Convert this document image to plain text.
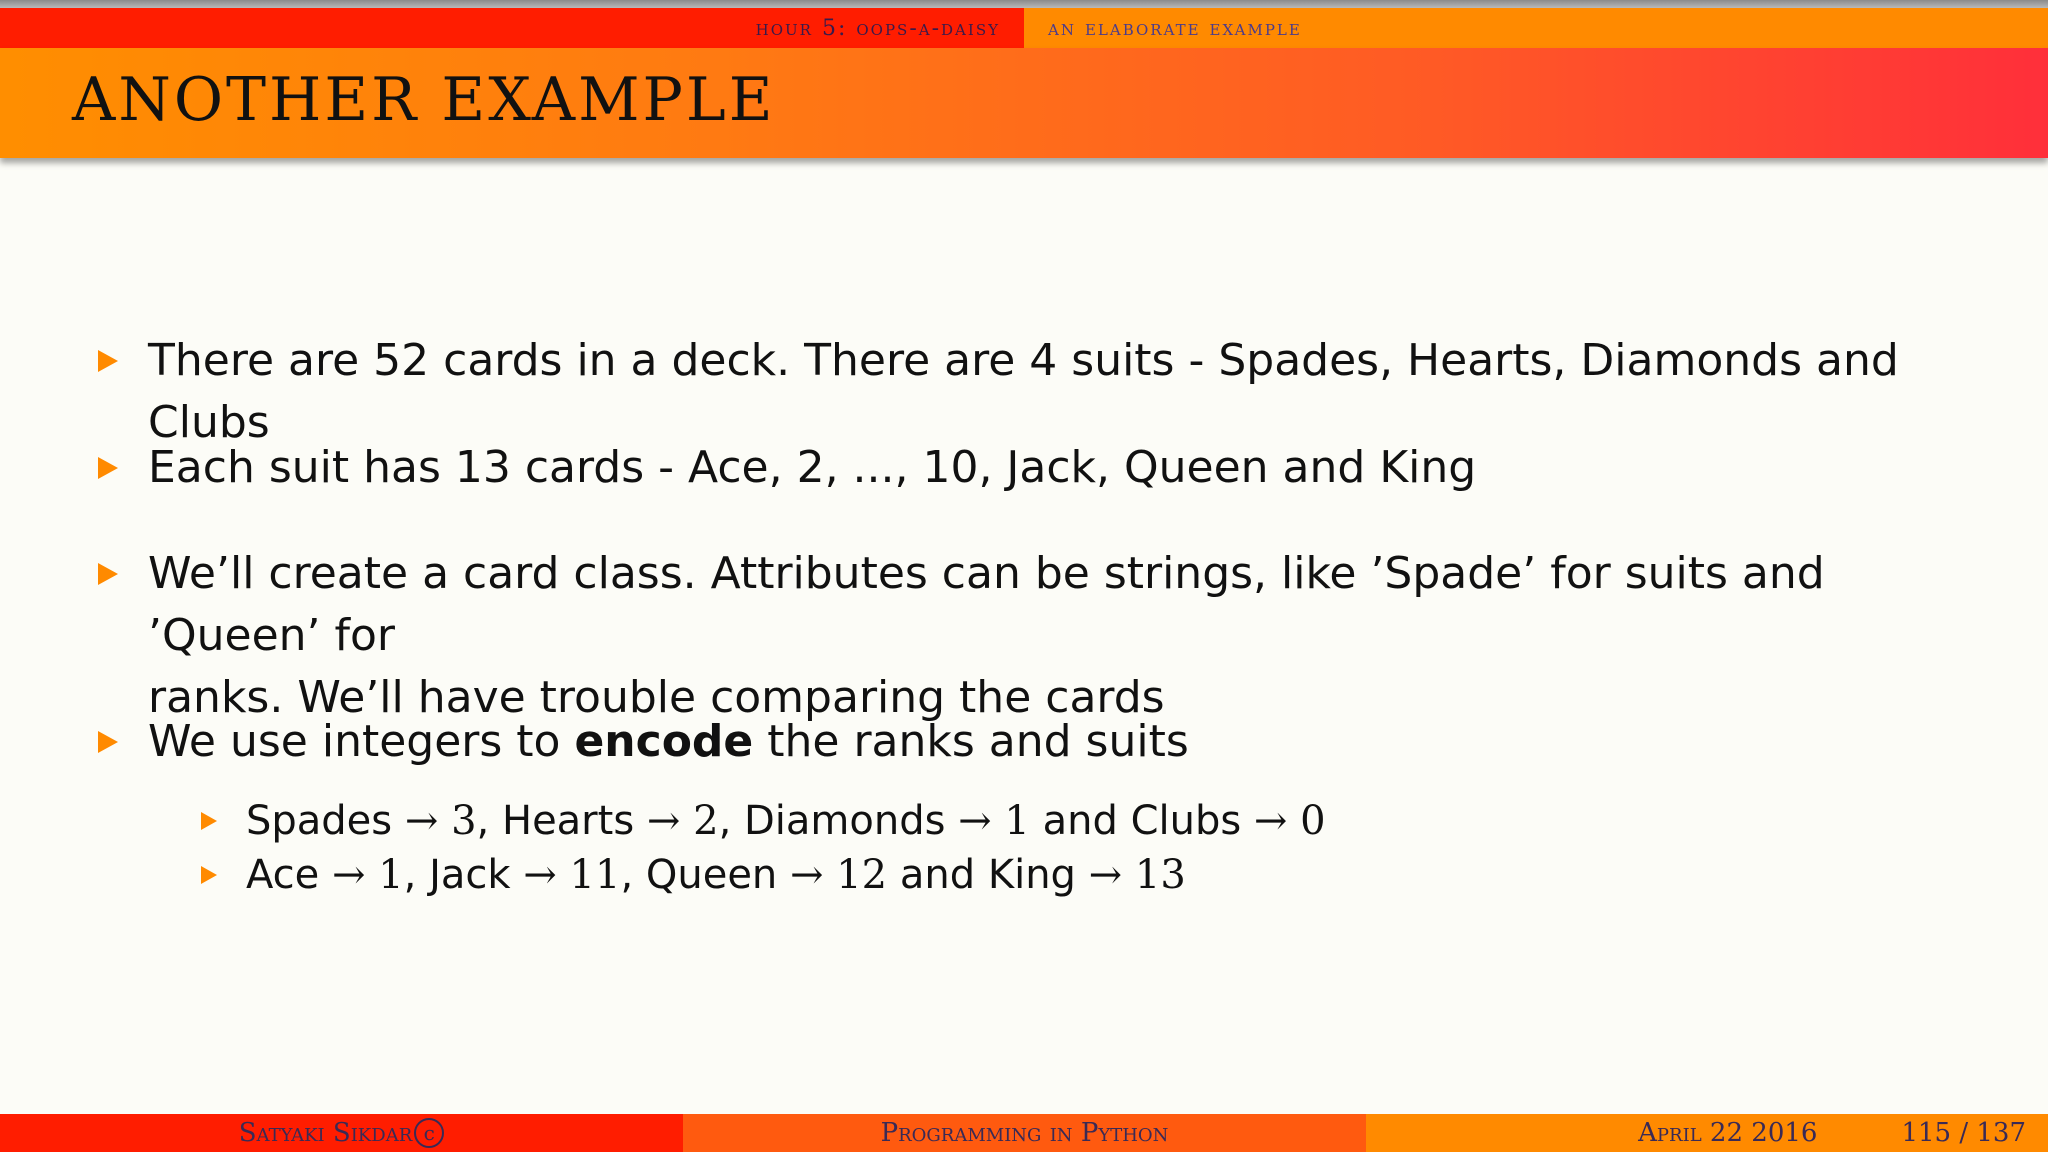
hour 5: oops-a-daisy an elaborate example
ANOTHER EXAMPLE
There are 52 cards in a deck. There are 4 suits - Spades, Hearts, Diamonds and Clubs
Each suit has 13 cards - Ace, 2, ..., 10, Jack, Queen and King
We’ll create a card class. Attributes can be strings, like ’Spade’ for suits and ’Queen’ for
ranks. We’ll have trouble comparing the cards
We use integers to encode the ranks and suits
Spades → 3, Hearts → 2, Diamonds → 1 and Clubs → 0
Ace → 1, Jack → 11, Queen → 12 and King → 13
Satyaki Sikdar c	Programming in Python	April 22 2016	115 / 137
